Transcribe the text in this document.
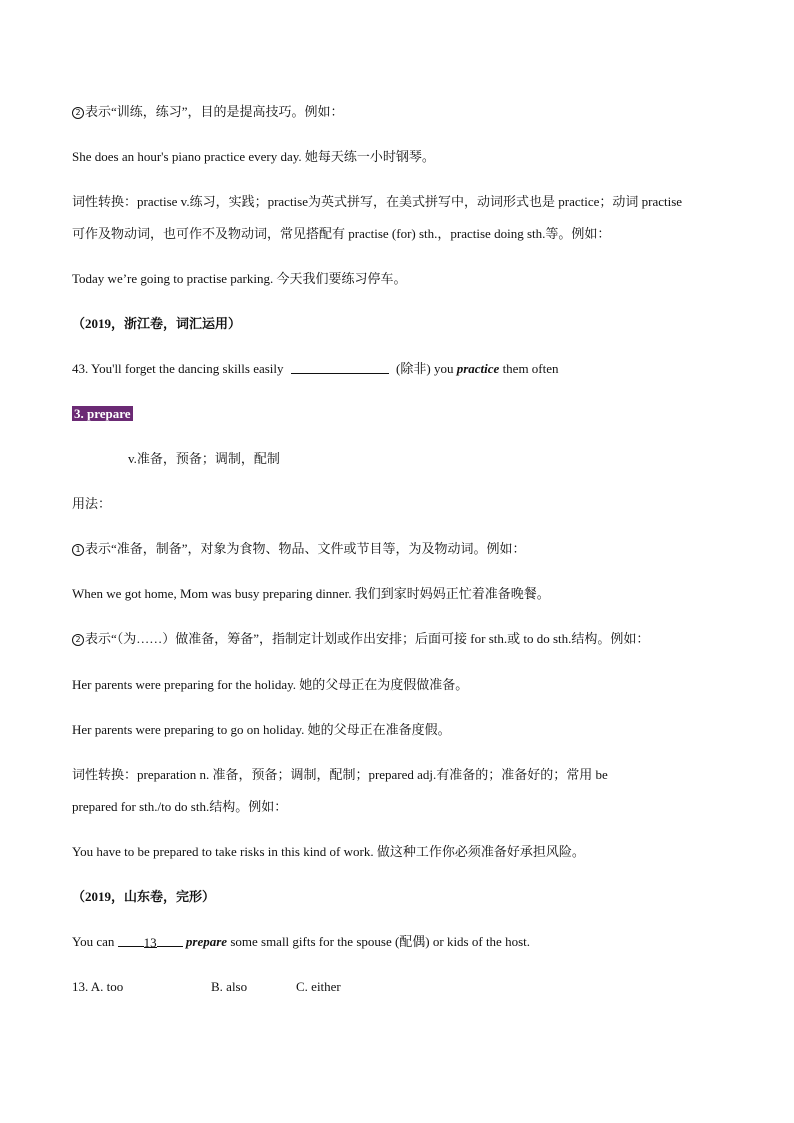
2 表示“训练，练习”，目的是提高技巧。例如：
She does an hour's piano practice every day. 她每天练一小时钢琴。
词性转换：practise v.练习，实践；practise为英式拼写，在美式拼写中，动词形式也是 practice；动词 practise
可作及物动词，也可作不及物动词，常见搭配有 practise (for) sth.，practise doing sth.等。例如：
Today we’re going to practise parking. 今天我们要练习停车。
（2019，浙江卷，词汇运用）
43. You'll forget the dancing skills easily	(除非) you practice them often
3. prepare
v.准备，预备；调制，配制
用法：
1 表示“准备，制备”，对象为食物、物品、文件或节目等，为及物动词。例如：
When we got home, Mom was busy preparing dinner. 我们到家时妈妈正忙着准备晚餐。
2 表示“（为……）做准备，筹备”，指制定计划或作出安排；后面可接 for sth.或 to do sth.结构。例如：
Her parents were preparing for the holiday. 她的父母正在为度假做准备。
Her parents were preparing to go on holiday. 她的父母正在准备度假。
词性转换：preparation n. 准备，预备；调制，配制；prepared adj.有准备的；准备好的；常用 be
prepared for sth./to do sth.结构。例如：
You have to be prepared to take risks in this kind of work. 做这种工作你必须准备好承担风险。
（2019，山东卷，完形）
You can 13 prepare some small gifts for the spouse (配偶) or kids of the host.
13. A. too	B. also	C. either
